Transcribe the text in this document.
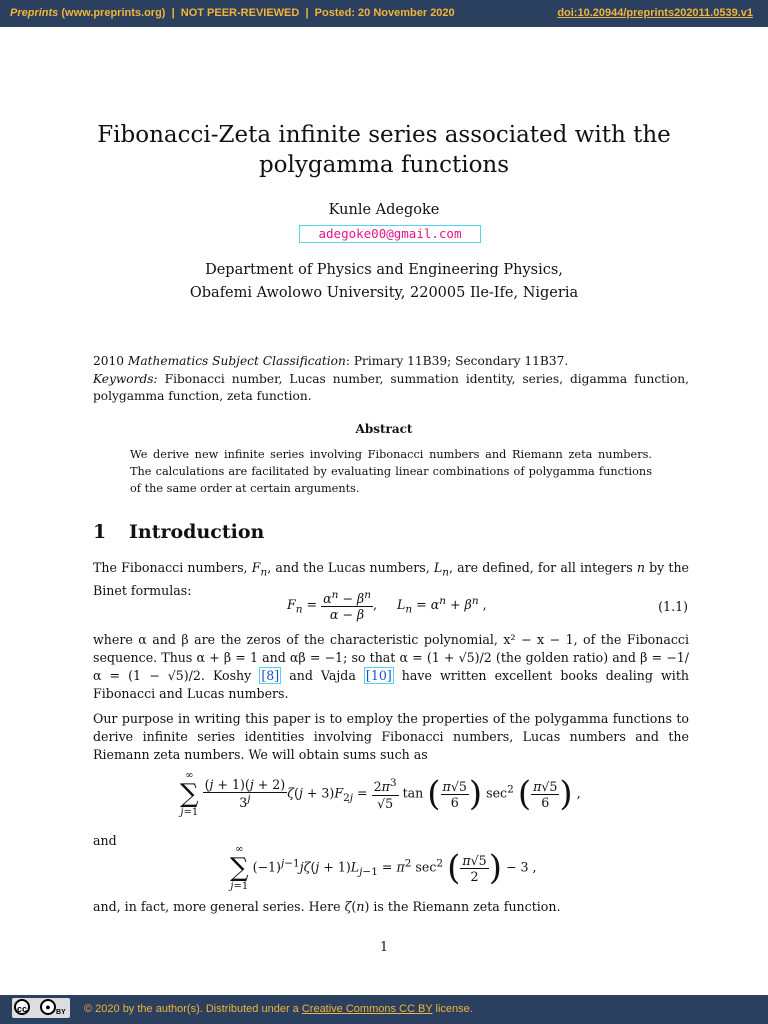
Preprints (www.preprints.org)  |  NOT PEER-REVIEWED  |  Posted: 20 November 2020	doi:10.20944/preprints202011.0539.v1
Fibonacci-Zeta infinite series associated with the
polygamma functions
Kunle Adegoke
adegoke00@gmail.com
Department of Physics and Engineering Physics,
Obafemi Awolowo University, 220005 Ile-Ife, Nigeria
2010 Mathematics Subject Classification: Primary 11B39; Secondary 11B37.
Keywords: Fibonacci number, Lucas number, summation identity, series, digamma function, polygamma function, zeta function.
Abstract
We derive new infinite series involving Fibonacci numbers and Riemann zeta numbers. The calculations are facilitated by evaluating linear combinations of polygamma functions of the same order at certain arguments.
1 Introduction
The Fibonacci numbers, $F_n$, and the Lucas numbers, $L_n$, are defined, for all integers n by the Binet formulas:
$F_n = \frac{\alpha^n - \beta^n}{\alpha - \beta}$ ,     $L_n = \alpha^n + \beta^n$ ,	(1.1)
where α and β are the zeros of the characteristic polynomial, x² − x − 1, of the Fibonacci sequence. Thus α + β = 1 and αβ = −1; so that α = (1 + √5)/2 (the golden ratio) and β = −1/α = (1 − √5)/2. Koshy [8] and Vajda [10] have written excellent books dealing with Fibonacci and Lucas numbers.
Our purpose in writing this paper is to employ the properties of the polygamma functions to derive infinite series identities involving Fibonacci numbers, Lucas numbers and the Riemann zeta numbers. We will obtain sums such as
∞
∑
j=1
$\frac{(j + 1)(j + 2)}{3^j} \zeta(j + 3)F_{2j} = \frac{2\pi^3}{√5}$ tan ( $\frac{\pi√5}{6}$ ) $\sec^2$ ( $\frac{\pi√5}{6}$ ) ,
and
∞
∑
j=1 $(-1)^{j-1}j\zeta(j + 1)L_{j-1} = \pi^2$ $\sec^2$ ( $\frac{\pi√5}{2}$ ) − 3 ,
and, in fact, more general series. Here ζ(n) is the Riemann zeta function.
1
cc	●
BY © 2020 by the author(s). Distributed under a Creative Commons CC BY license.
